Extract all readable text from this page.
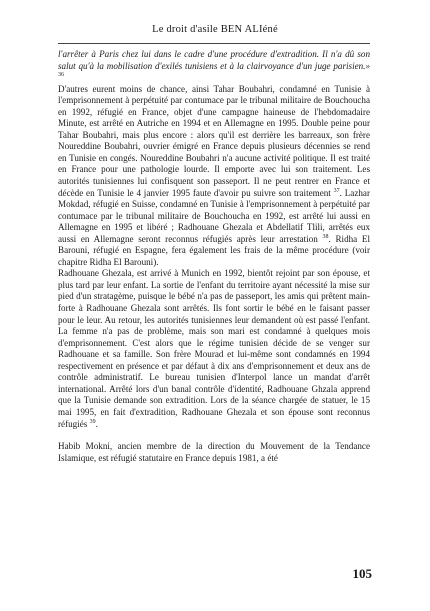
Le droit d'asile BEN ALIéné

l'arrêter à Paris chez lui dans le cadre d'une procédure d'extradition. Il n'a dû son salut qu'à la mobilisation d'exilés tunisiens et à la clairvoyance d'un juge parisien.» $^{36}$

D'autres eurent moins de chance, ainsi Tahar Boubahri, condamné en Tunisie à l'emprisonnement à perpétuité par contumace par le tribunal militaire de Bouchoucha en 1992, réfugié en France, objet d'une campagne haineuse de l'hebdomadaire Minute, est arrêté en Autriche en 1994 et en Allemagne en 1995. Double peine pour Tahar Boubahri, mais plus encore : alors qu'il est derrière les barreaux, son frère Noureddine Boubahri, ouvrier émigré en France depuis plusieurs décennies se rend en Tunisie en congés. Noureddine Boubahri n'a aucune activité politique. Il est traité en France pour une pathologie lourde. Il emporte avec lui son traitement. Les autorités tunisiennes lui confisquent son passeport. Il ne peut rentrer en France et décède en Tunisie le 4 janvier 1995 faute d'avoir pu suivre son traitement $^{37}$. Lazhar Mokdad, réfugié en Suisse, condamné en Tunisie à l'emprisonnement à perpétuité par contumace par le tribunal militaire de Bouchoucha en 1992, est arrêté lui aussi en Allemagne en 1995 et libéré ; Radhouane Ghezala et Abdellatif Tlili, arrêtés eux aussi en Allemagne seront reconnus réfugiés après leur arrestation $^{38}$. Ridha El Barouni, réfugié en Espagne, fera également les frais de la même procédure (voir chapitre Ridha El Barouni).

Radhouane Ghezala, est arrivé à Munich en 1992, bientôt rejoint par son épouse, et plus tard par leur enfant. La sortie de l'enfant du territoire ayant nécessité la mise sur pied d'un stratagème, puisque le bébé n'a pas de passeport, les amis qui prêtent main-forte à Radhouane Ghezala sont arrêtés. Ils font sortir le bébé en le faisant passer pour le leur. Au retour, les autorités tunisiennes leur demandent où est passé l'enfant. La femme n'a pas de problème, mais son mari est condamné à quelques mois d'emprisonnement. C'est alors que le régime tunisien décide de se venger sur Radhouane et sa famille. Son frère Mourad et lui-même sont condamnés en 1994 respectivement en présence et par défaut à dix ans d'emprisonnement et deux ans de contrôle administratif. Le bureau tunisien d'Interpol lance un mandat d'arrêt international. Arrêté lors d'un banal contrôle d'identité, Radhouane Ghzala apprend que la Tunisie demande son extradition. Lors de la séance chargée de statuer, le 15 mai 1995, en fait d'extradition, Radhouane Ghezala et son épouse sont reconnus réfugiés $^{39}$.

Habib Mokni, ancien membre de la direction du Mouvement de la Tendance Islamique, est réfugié statutaire en France depuis 1981, a été

105
